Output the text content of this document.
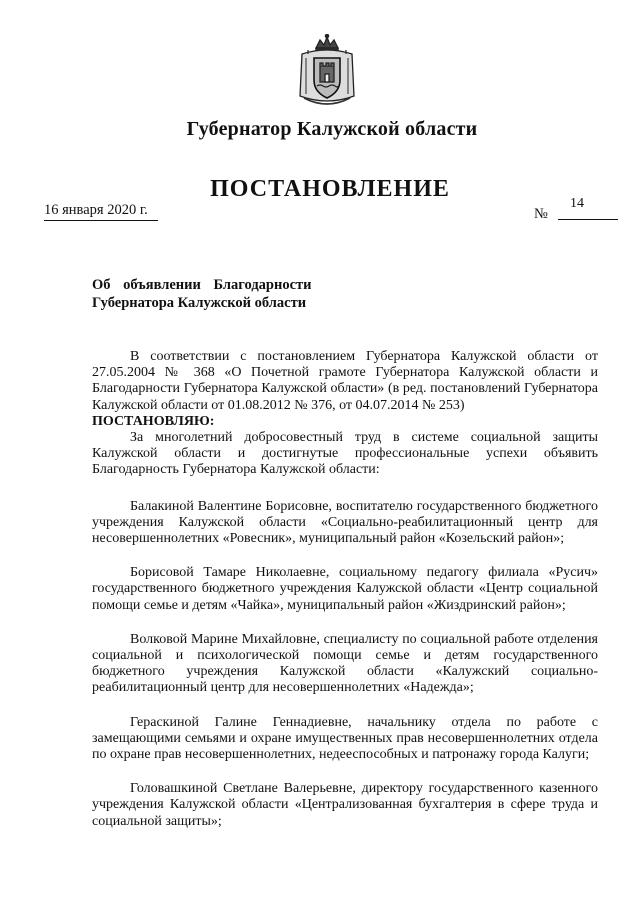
Губернатор Калужской области
ПОСТАНОВЛЕНИЕ
16 января 2020 г.	№
14
Об объявлении Благодарности
Губернатора Калужской области

В соответствии с постановлением Губернатора Калужской области от 27.05.2004 № 368 «О Почетной грамоте Губернатора Калужской области и Благодарности Губернатора Калужской области» (в ред. постановлений Губернатора Калужской области от 01.08.2012 № 376, от 04.07.2014 № 253)

ПОСТАНОВЛЯЮ:

За многолетний добросовестный труд в системе социальной защиты Калужской области и достигнутые профессиональные успехи объявить Благодарность Губернатора Калужской области:

Балакиной Валентине Борисовне, воспитателю государственного бюджетного учреждения Калужской области «Социально-реабилитационный центр для несовершеннолетних «Ровесник», муниципальный район «Козельский район»;

Борисовой Тамаре Николаевне, социальному педагогу филиала «Русич» государственного бюджетного учреждения Калужской области «Центр социальной помощи семье и детям «Чайка», муниципальный район «Жиздринский район»;

Волковой Марине Михайловне, специалисту по социальной работе отделения социальной и психологической помощи семье и детям государственного бюджетного учреждения Калужской области «Калужский социально-реабилитационный центр для несовершеннолетних «Надежда»;

Гераскиной Галине Геннадиевне, начальнику отдела по работе с замещающими семьями и охране имущественных прав несовершеннолетних отдела по охране прав несовершеннолетних, недееспособных и патронажу города Калуги;

Головашкиной Светлане Валерьевне, директору государственного казенного учреждения Калужской области «Централизованная бухгалтерия в сфере труда и социальной защиты»;
